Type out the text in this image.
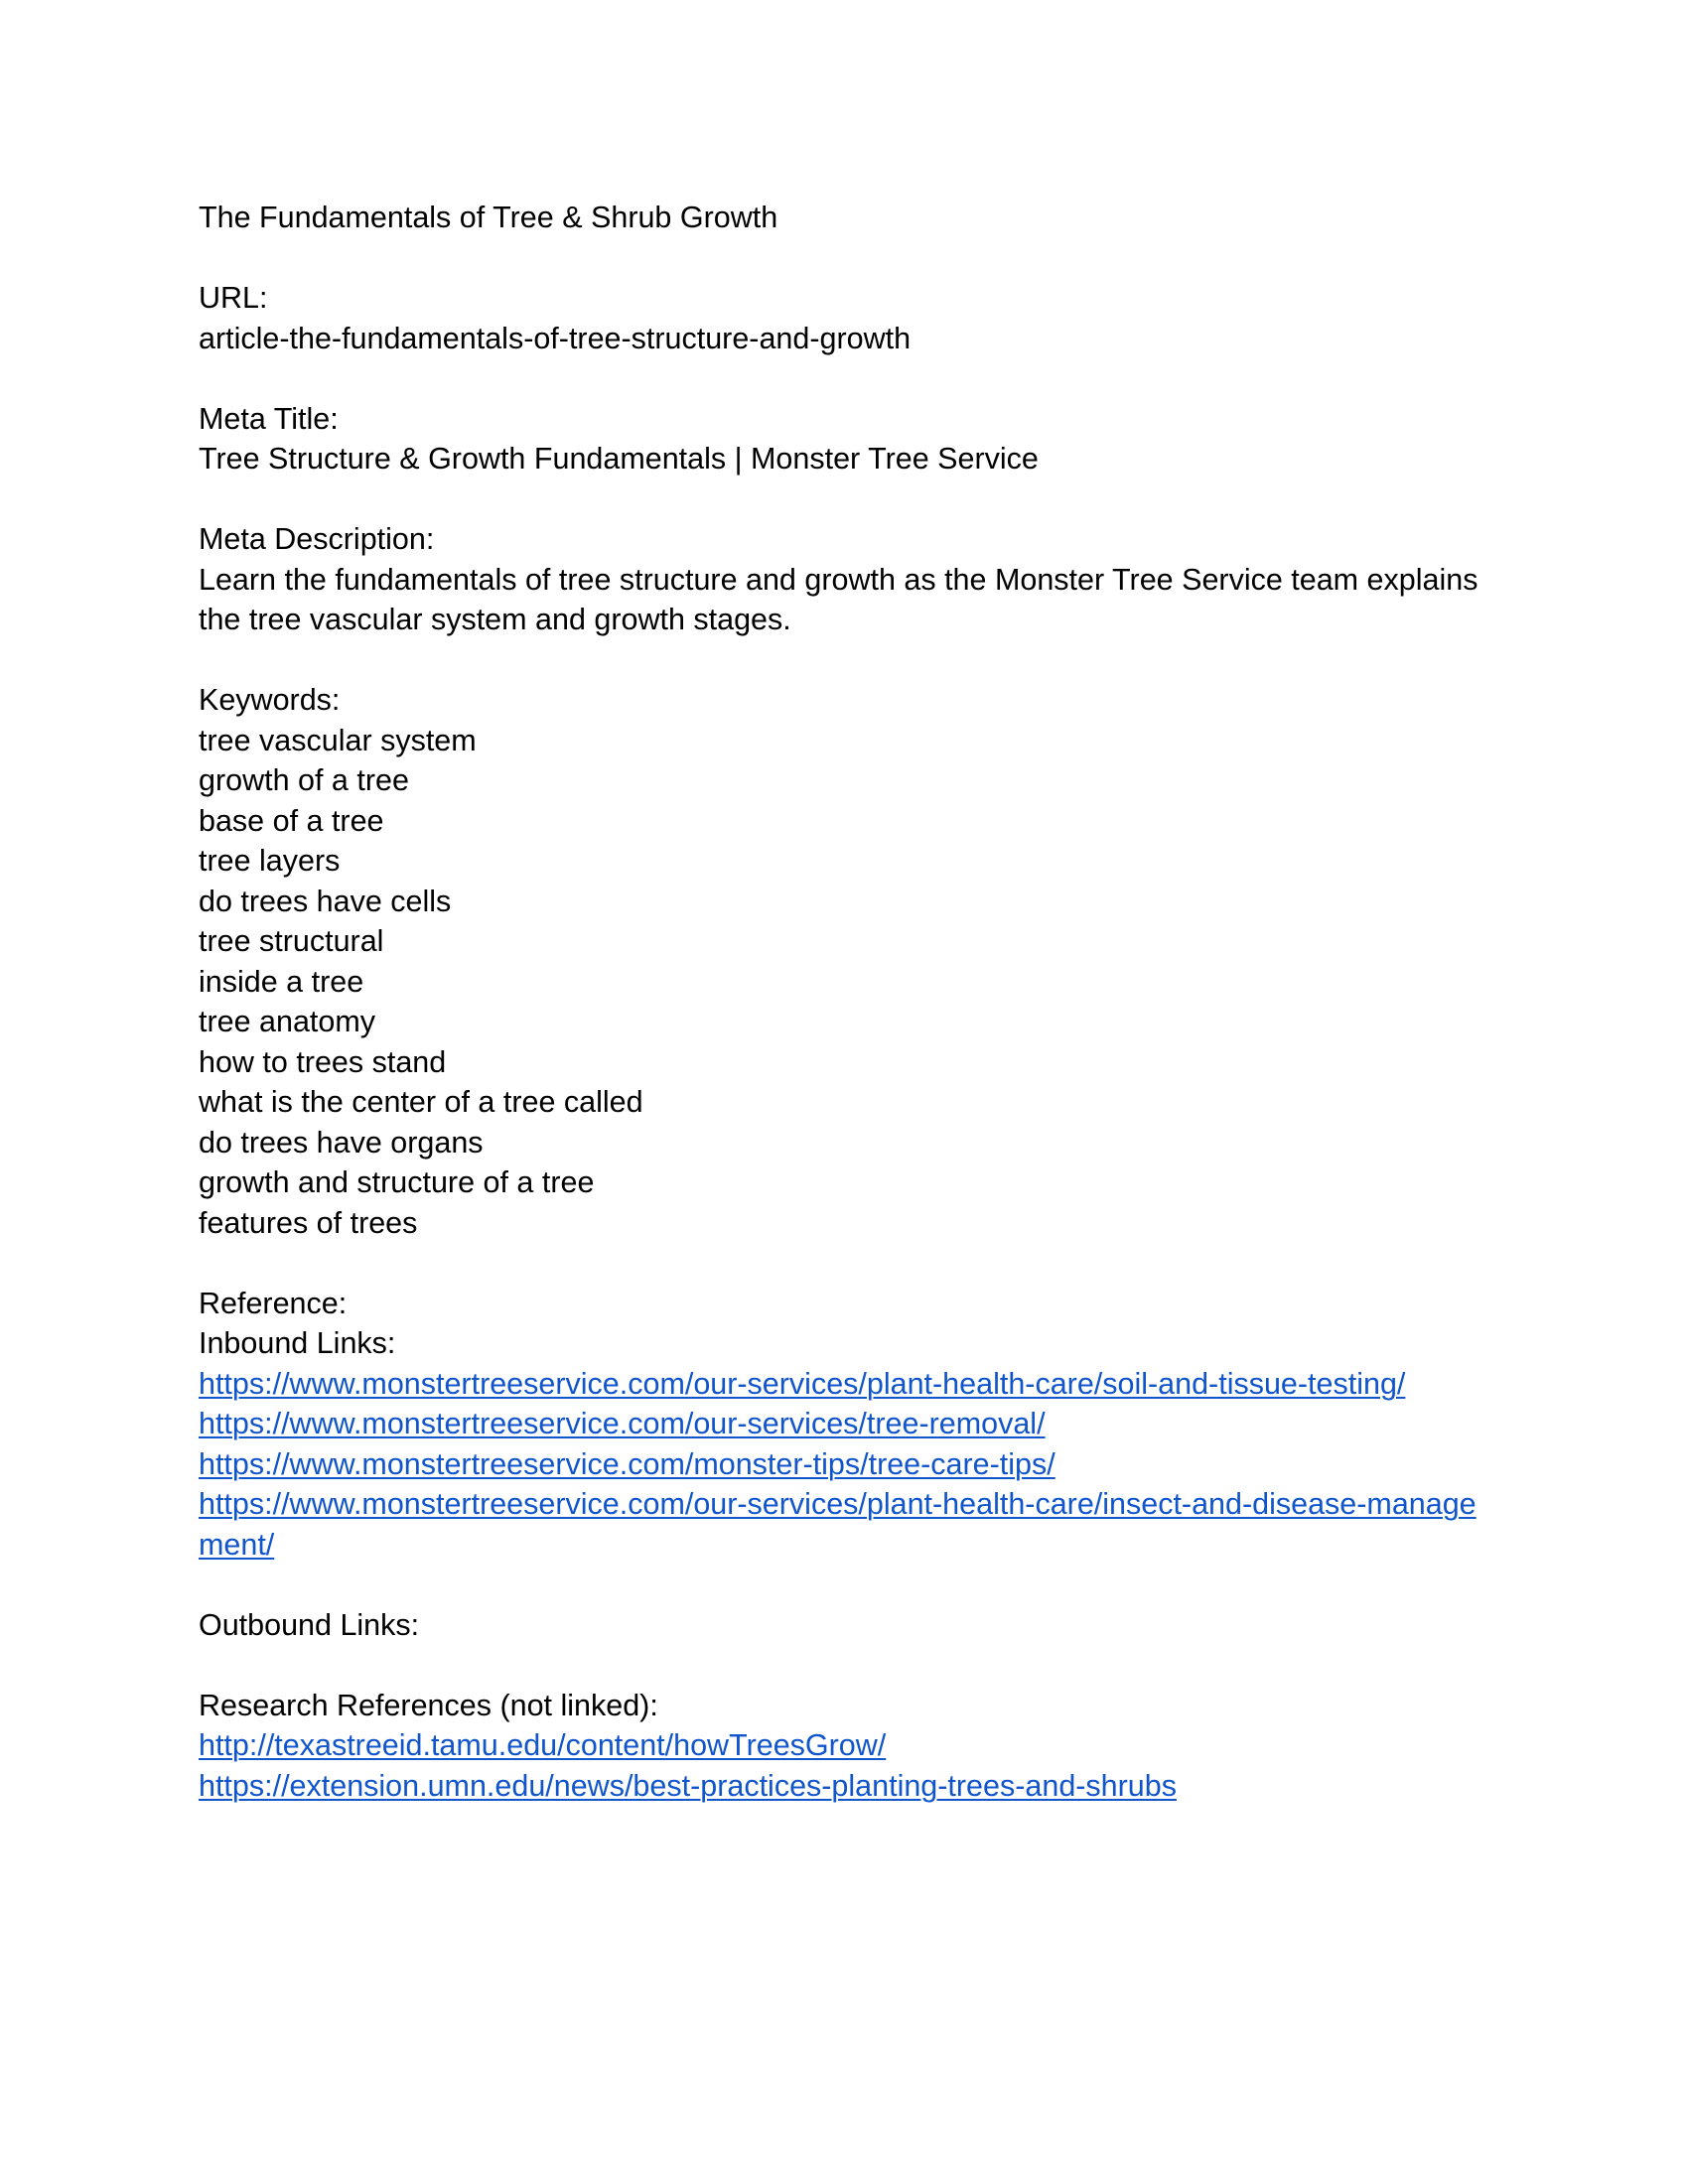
The Fundamentals of Tree & Shrub Growth
URL:
article-the-fundamentals-of-tree-structure-and-growth
Meta Title:
Tree Structure & Growth Fundamentals | Monster Tree Service
Meta Description:
Learn the fundamentals of tree structure and growth as the Monster Tree Service team explains
the tree vascular system and growth stages.
Keywords:
tree vascular system
growth of a tree
base of a tree
tree layers
do trees have cells
tree structural
inside a tree
tree anatomy
how to trees stand
what is the center of a tree called
do trees have organs
growth and structure of a tree
features of trees
Reference:
Inbound Links:
https://www.monstertreeservice.com/our-services/plant-health-care/soil-and-tissue-testing/
https://www.monstertreeservice.com/our-services/tree-removal/
https://www.monstertreeservice.com/monster-tips/tree-care-tips/
https://www.monstertreeservice.com/our-services/plant-health-care/insect-and-disease-management/
Outbound Links:
Research References (not linked):
http://texastreeid.tamu.edu/content/howTreesGrow/
https://extension.umn.edu/news/best-practices-planting-trees-and-shrubs
